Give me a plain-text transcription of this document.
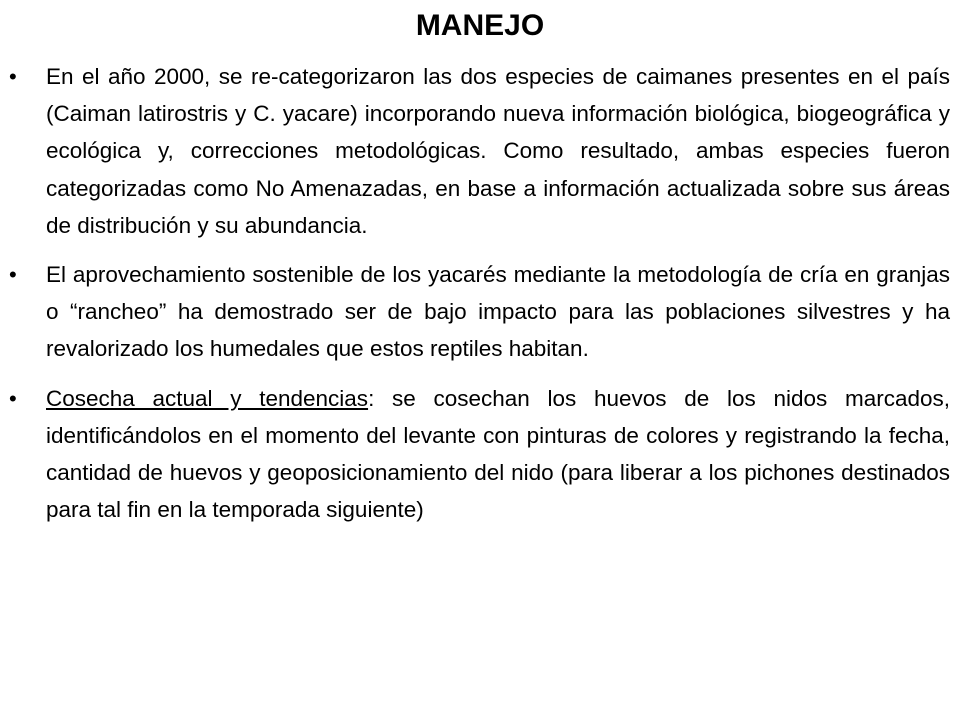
MANEJO
• En el año 2000, se re-categorizaron las dos especies de caimanes presentes en el país (Caiman latirostris y C. yacare) incorporando nueva información biológica, biogeográfica y ecológica y, correcciones metodológicas. Como resultado, ambas especies fueron categorizadas como No Amenazadas, en base a información actualizada sobre sus áreas de distribución y su abundancia.
• El aprovechamiento sostenible de los yacarés mediante la metodología de cría en granjas o “rancheo” ha demostrado ser de bajo impacto para las poblaciones silvestres y ha revalorizado los humedales que estos reptiles habitan.
• Cosecha actual y tendencias: se cosechan los huevos de los nidos marcados, identificándolos en el momento del levante con pinturas de colores y registrando la fecha, cantidad de huevos y geoposicionamiento del nido (para liberar a los pichones destinados para tal fin en la temporada siguiente)
